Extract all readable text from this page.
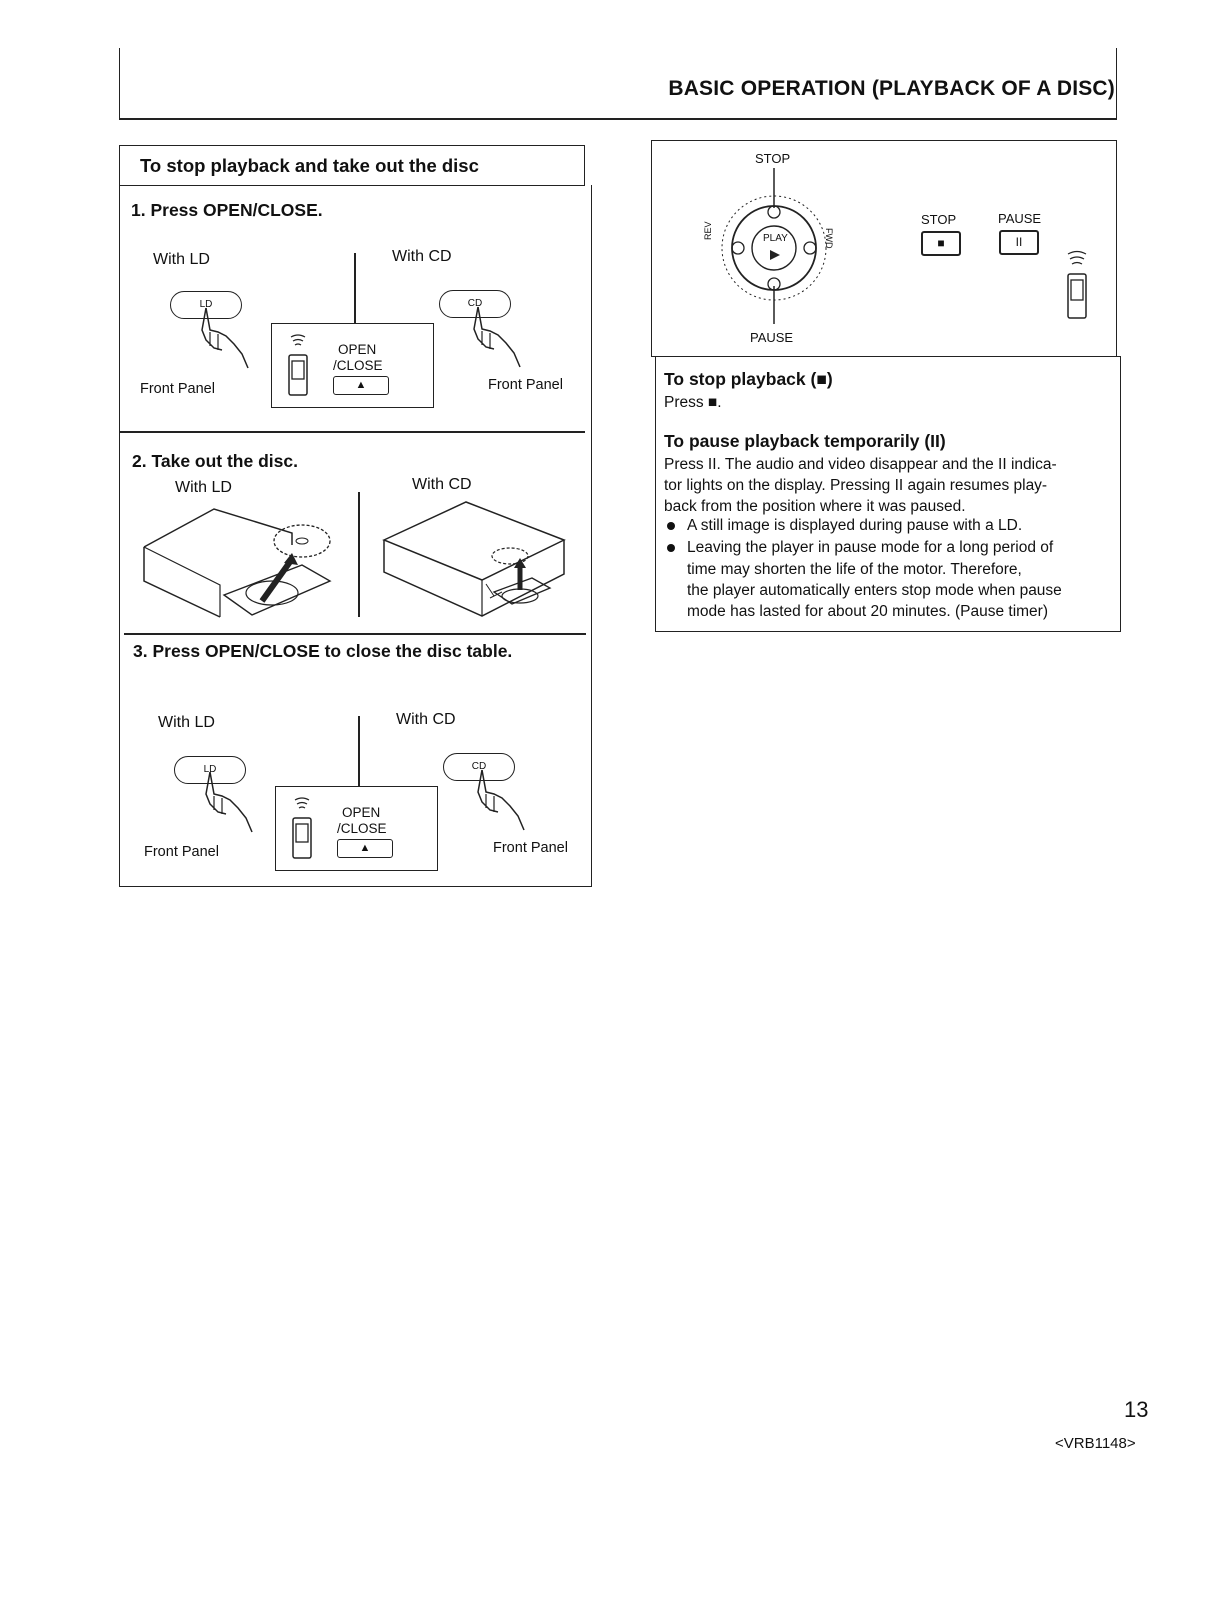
BASIC OPERATION (PLAYBACK OF A DISC)
To stop playback and take out the disc
1. Press OPEN/CLOSE.
With LD	With CD
LD
Front Panel
OPEN
/CLOSE
▲
CD
Front Panel
2. Take out the disc.
With LD	With CD
3. Press OPEN/CLOSE to close the disc table.
With LD	With CD
LD
Front Panel
OPEN
/CLOSE
▲
CD
Front Panel
STOP
PAUSE
PLAY
REV	FWD
STOP	PAUSE
■	II
To stop playback (■)
Press ■.
To pause playback temporarily (II)
Press II. The audio and video disappear and the II indica-
tor lights on the display. Pressing II again resumes play-
back from the position where it was paused.
A still image is displayed during pause with a LD.
Leaving the player in pause mode for a long period of
time may shorten the life of the motor. Therefore,
the player automatically enters stop mode when pause
mode has lasted for about 20 minutes. (Pause timer)
13
<VRB1148>
